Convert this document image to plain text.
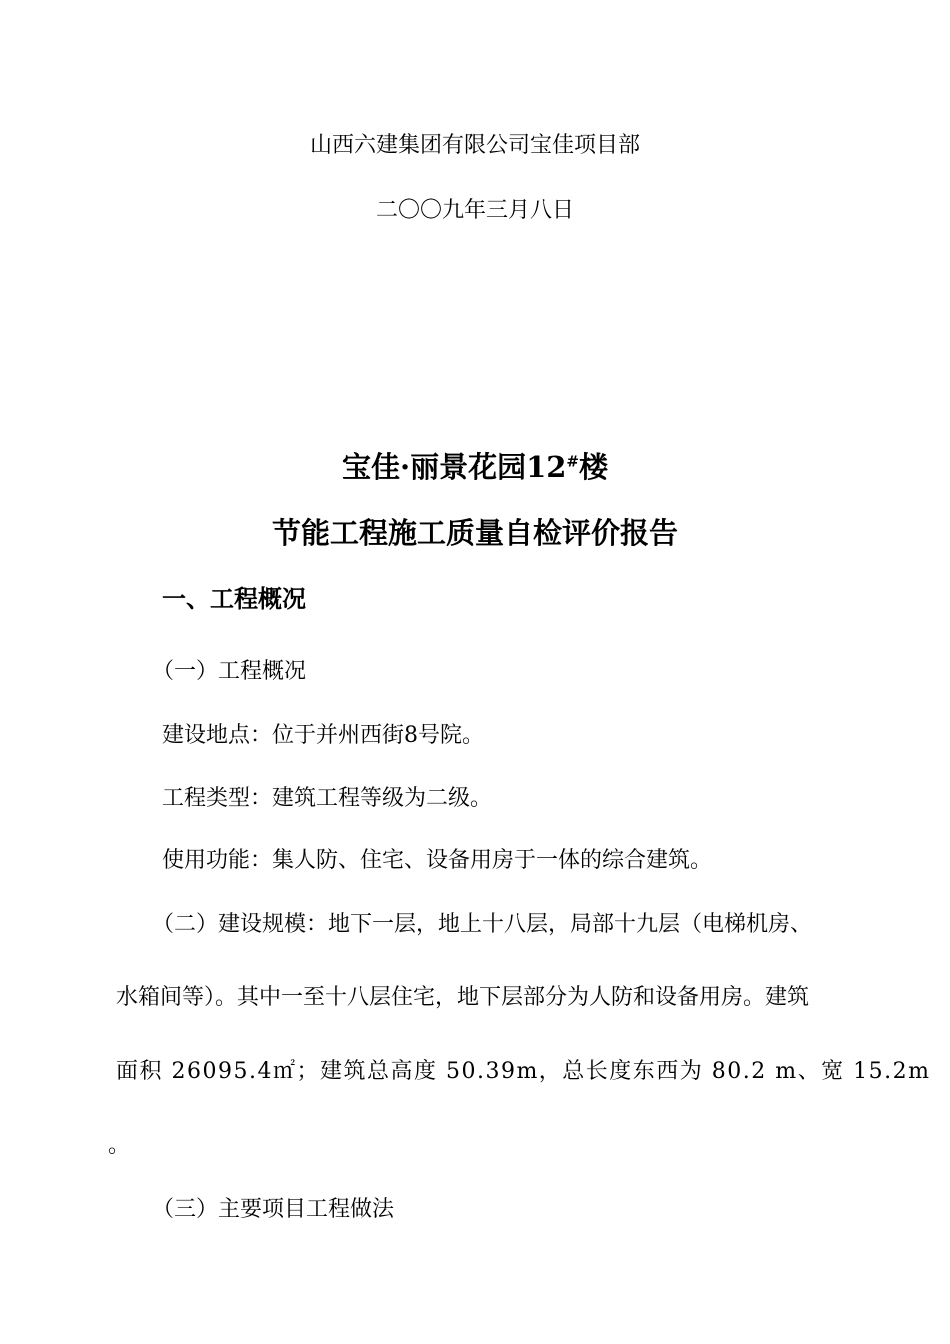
山西六建集团有限公司宝佳项目部
二〇〇九年三月八日
宝佳·丽景花园12#楼
节能工程施工质量自检评价报告
一、工程概况
（一）工程概况
建设地点：位于并州西街8号院。
工程类型：建筑工程等级为二级。
使用功能：集人防、住宅、设备用房于一体的综合建筑。
（二）建设规模：地下一层，地上十八层，局部十九层（电梯机房、
水箱间等）。其中一至十八层住宅，地下层部分为人防和设备用房。建筑
面积 26095.4㎡；建筑总高度 50.39m，总长度东西为 80.2 m、宽 15.2m
。
（三）主要项目工程做法
